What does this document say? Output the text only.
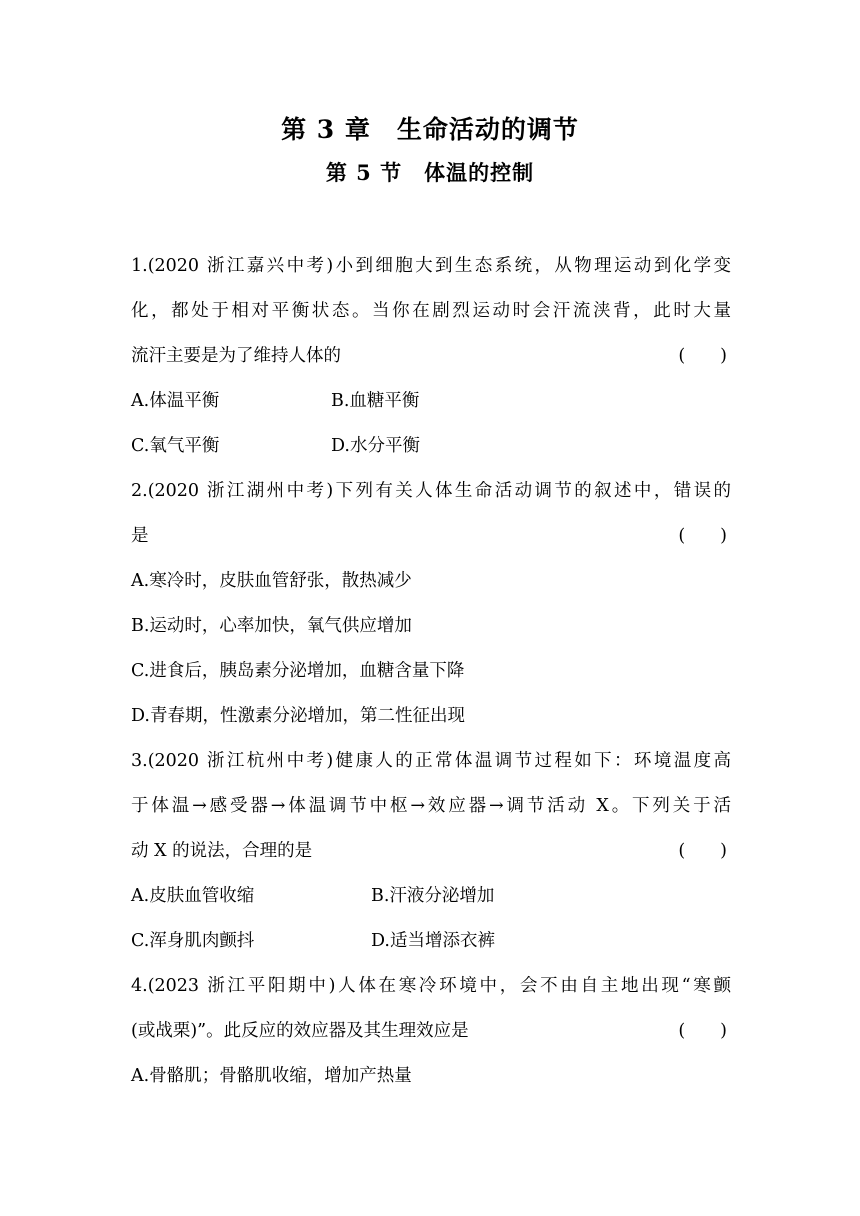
第 3 章　生命活动的调节
第 5 节　体温的控制
1.(2020 浙江嘉兴中考)小到细胞大到生态系统，从物理运动到化学变
化，都处于相对平衡状态。当你在剧烈运动时会汗流浃背，此时大量
流汗主要是为了维持人体的	(　　)
A.体温平衡	B.血糖平衡
C.氧气平衡	D.水分平衡
2.(2020 浙江湖州中考)下列有关人体生命活动调节的叙述中，错误的
是	(　　)
A.寒冷时，皮肤血管舒张，散热减少
B.运动时，心率加快，氧气供应增加
C.进食后，胰岛素分泌增加，血糖含量下降
D.青春期，性激素分泌增加，第二性征出现
3.(2020 浙江杭州中考)健康人的正常体温调节过程如下：环境温度高
于体温→感受器→体温调节中枢→效应器→调节活动 X。下列关于活
动 X 的说法，合理的是	(　　)
A.皮肤血管收缩	B.汗液分泌增加
C.浑身肌肉颤抖	D.适当增添衣裤
4.(2023 浙江平阳期中)人体在寒冷环境中，会不由自主地出现“寒颤
(或战栗)”。此反应的效应器及其生理效应是	(　　)
A.骨骼肌；骨骼肌收缩，增加产热量
